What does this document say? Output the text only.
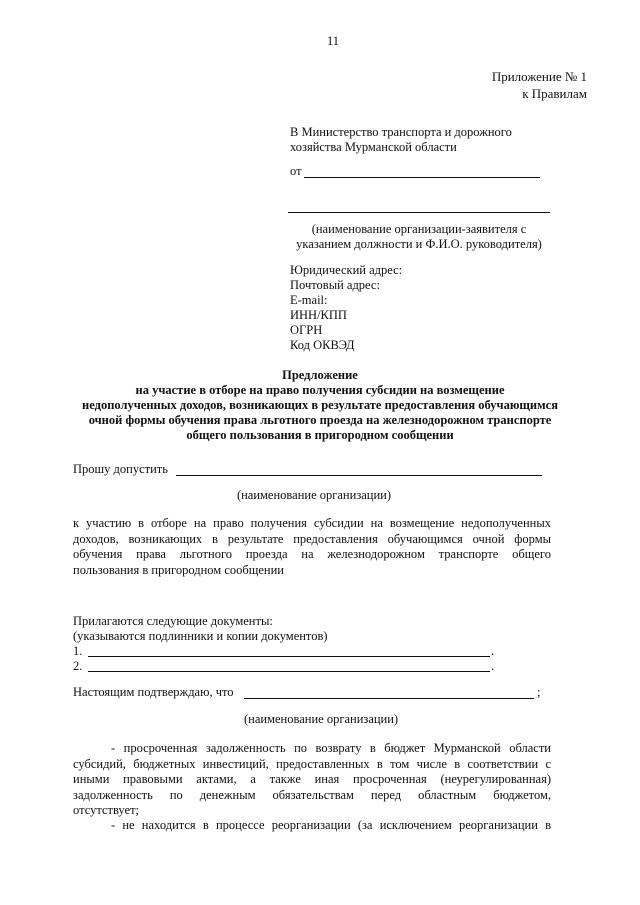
11
Приложение № 1
к Правилам
В Министерство транспорта и дорожного
хозяйства Мурманской области
от
(наименование организации-заявителя с
указанием должности и Ф.И.О. руководителя)
Юридический адрес:
Почтовый адрес:
E-mail:
ИНН/КПП
ОГРН
Код ОКВЭД
Предложение
на участие в отборе на право получения субсидии на возмещение
недополученных доходов, возникающих в результате предоставления обучающимся
очной формы обучения права льготного проезда на железнодорожном транспорте
общего пользования в пригородном сообщении
Прошу допустить
(наименование организации)
к участию в отборе на право получения субсидии на возмещение недополученных
доходов, возникающих в результате предоставления обучающимся очной формы
обучения права льготного проезда на железнодорожном транспорте общего
пользования в пригородном сообщении
Прилагаются следующие документы:
(указываются подлинники и копии документов)
1.	.
2.	.
Настоящим подтверждаю, что	;
(наименование организации)
- просроченная задолженность по возврату в бюджет Мурманской области
субсидий, бюджетных инвестиций, предоставленных в том числе в соответствии с
иными правовыми актами, а также иная просроченная (неурегулированная)
задолженность по денежным обязательствам перед областным бюджетом,
отсутствует;
- не находится в процессе реорганизации (за исключением реорганизации в
